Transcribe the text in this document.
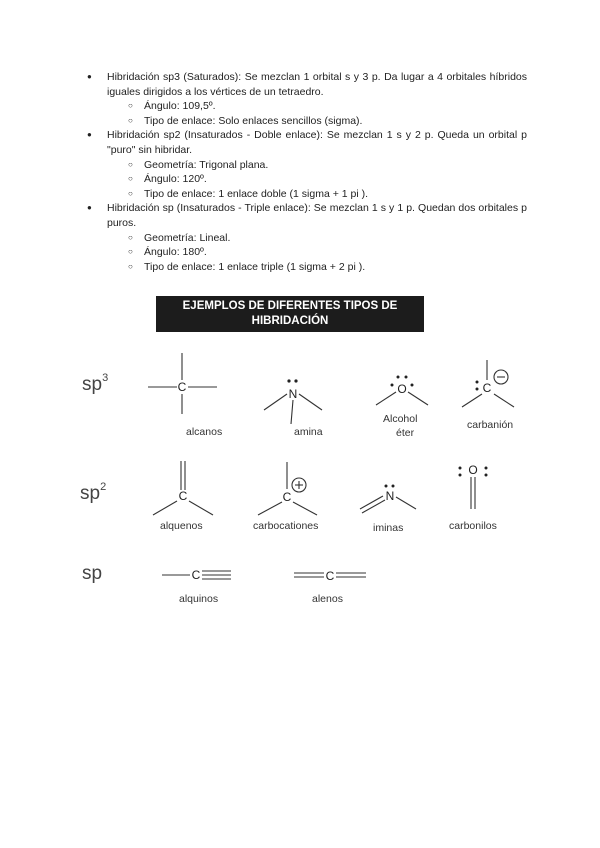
● Hibridación sp3 (Saturados): Se mezclan 1 orbital s y 3 p. Da lugar a 4 orbitales híbridos iguales dirigidos a los vértices de un tetraedro.
○ Ángulo: 109,5º.
○ Tipo de enlace: Solo enlaces sencillos (sigma).
● Hibridación sp2 (Insaturados - Doble enlace): Se mezclan 1 s y 2 p. Queda un orbital p "puro" sin hibridar.
○ Geometría: Trigonal plana.
○ Ángulo: 120º.
○ Tipo de enlace: 1 enlace doble (1 sigma + 1 pi ).
● Hibridación sp (Insaturados - Triple enlace): Se mezclan 1 s y 1 p. Quedan dos orbitales p puros.
○ Geometría: Lineal.
○ Ángulo: 180º.
○ Tipo de enlace: 1 enlace triple (1 sigma + 2 pi ).
EJEMPLOS DE DIFERENTES TIPOS DE
HIBRIDACIÓN
$sp^3$
$sp^2$
sp
C	N	O	C
C	C	N
O
C	C
alcanos	amina
Alcohol
éter
carbanión
alquenos	carbocationes	iminas	carbonilos
alquinos	alenos
